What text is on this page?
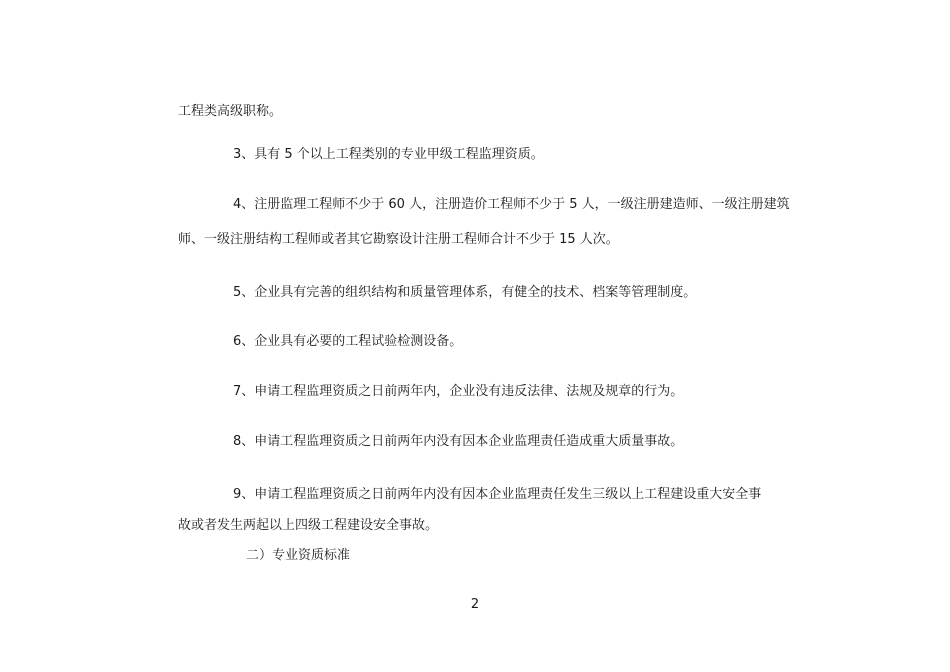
工程类高级职称。

3、具有 5 个以上工程类别的专业甲级工程监理资质。

4、注册监理工程师不少于 60 人，注册造价工程师不少于 5 人，一级注册建造师、一级注册建筑

师、一级注册结构工程师或者其它勘察设计注册工程师合计不少于 15 人次。

5、企业具有完善的组织结构和质量管理体系，有健全的技术、档案等管理制度。

6、企业具有必要的工程试验检测设备。

7、申请工程监理资质之日前两年内，企业没有违反法律、法规及规章的行为。

8、申请工程监理资质之日前两年内没有因本企业监理责任造成重大质量事故。

9、申请工程监理资质之日前两年内没有因本企业监理责任发生三级以上工程建设重大安全事

故或者发生两起以上四级工程建设安全事故。

二）专业资质标准

2
